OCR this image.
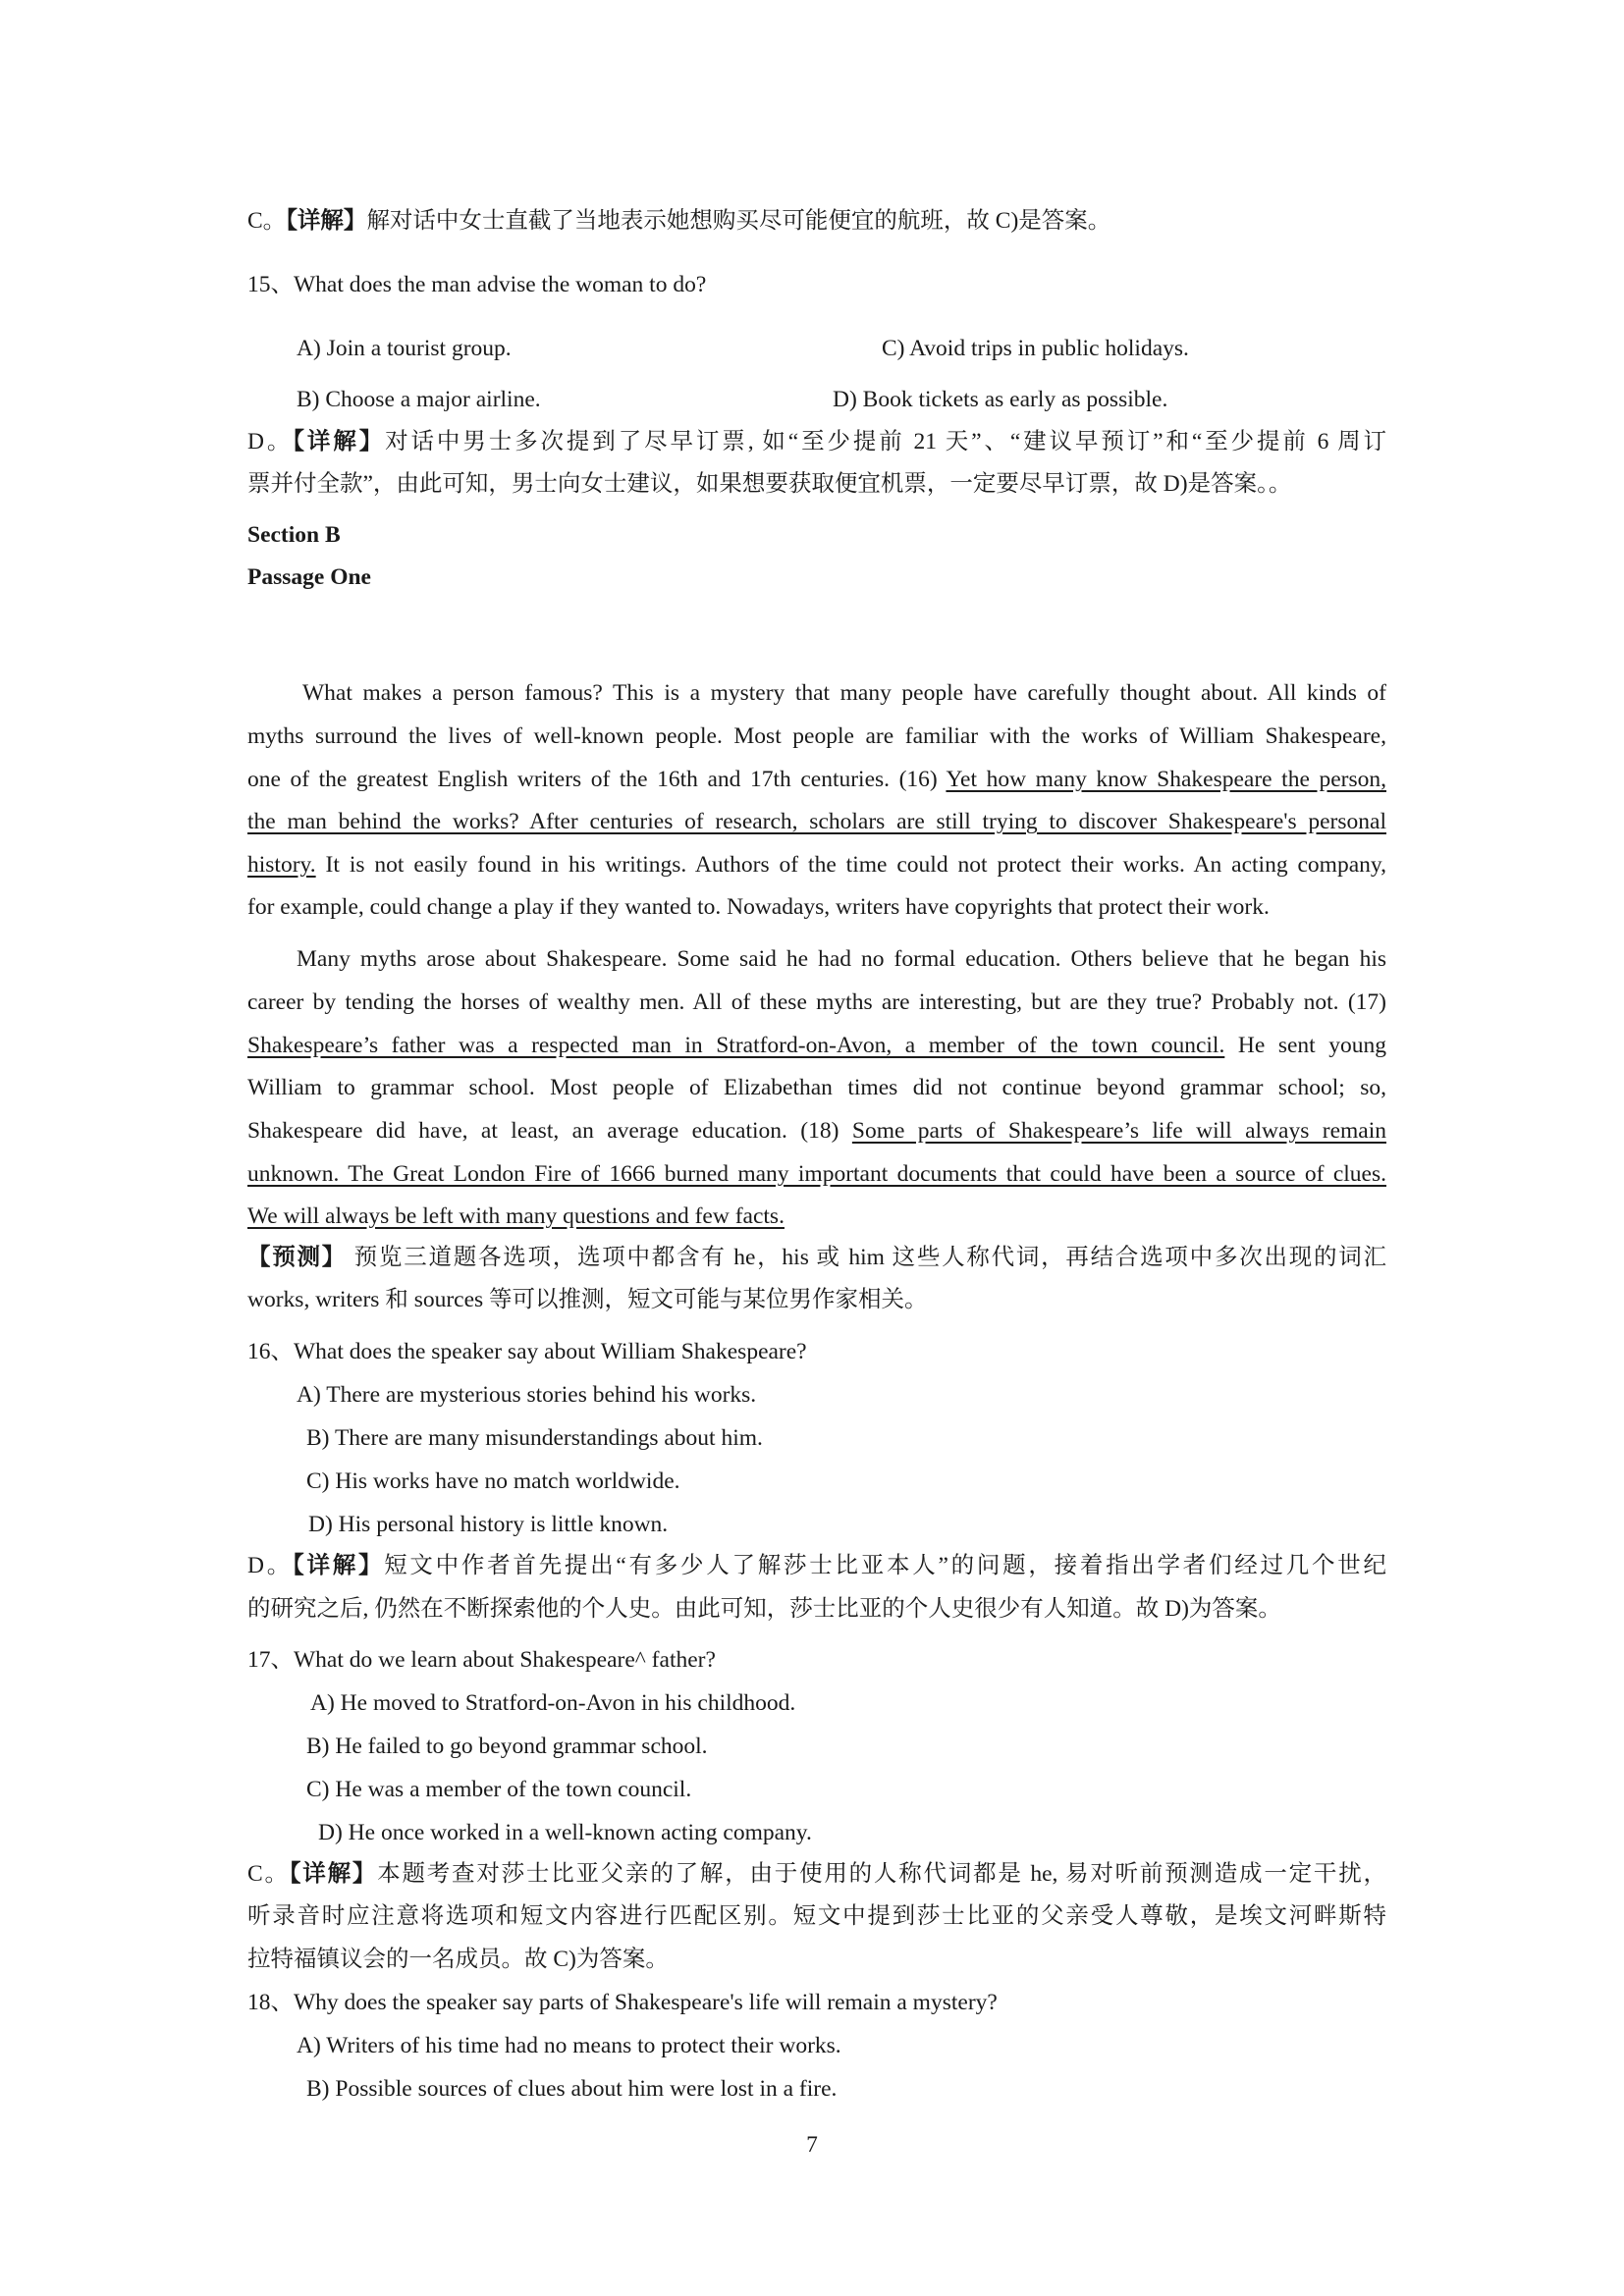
C。【详解】解对话中女士直截了当地表示她想购买尽可能便宜的航班，故 C)是答案。
15、What does the man advise the woman to do?
A) Join a tourist group.	C) Avoid trips in public holidays.
B) Choose a major airline.	D) Book tickets as early as possible.
D。【详解】对话中男士多次提到了尽早订票, 如“至少提前 21 天”、“建议早预订”和“至少提前 6 周订
票并付全款”，由此可知，男士向女士建议，如果想要获取便宜机票，一定要尽早订票，故 D)是答案。。
Section B
Passage One
What makes a person famous? This is a mystery that many people have carefully thought about. All kinds of
myths surround the lives of well-known people. Most people are familiar with the works of William Shakespeare,
one of the greatest English writers of the 16th and 17th centuries. (16) Yet how many know Shakespeare the person,
the man behind the works? After centuries of research, scholars are still trying to discover Shakespeare's personal
history. It is not easily found in his writings. Authors of the time could not protect their works. An acting company,
for example, could change a play if they wanted to. Nowadays, writers have copyrights that protect their work.
Many myths arose about Shakespeare. Some said he had no formal education. Others believe that he began his
career by tending the horses of wealthy men. All of these myths are interesting, but are they true? Probably not. (17)
Shakespeare’s father was a respected man in Stratford-on-Avon, a member of the town council. He sent young
William to grammar school. Most people of Elizabethan times did not continue beyond grammar school; so,
Shakespeare did have, at least, an average education. (18) Some parts of Shakespeare’s life will always remain
unknown. The Great London Fire of 1666 burned many important documents that could have been a source of clues.
We will always be left with many questions and few facts.
【预测】 预览三道题各选项，选项中都含有 he，his 或 him 这些人称代词，再结合选项中多次出现的词汇
works, writers 和 sources 等可以推测，短文可能与某位男作家相关。
16、What does the speaker say about William Shakespeare?
A) There are mysterious stories behind his works.
B) There are many misunderstandings about him.
C) His works have no match worldwide.
D) His personal history is little known.
D。【详解】短文中作者首先提出“有多少人了解莎士比亚本人”的问题，接着指出学者们经过几个世纪
的研究之后, 仍然在不断探索他的个人史。由此可知，莎士比亚的个人史很少有人知道。故 D)为答案。
17、What do we learn about Shakespeare^ father?
A) He moved to Stratford-on-Avon in his childhood.
B) He failed to go beyond grammar school.
C) He was a member of the town council.
D) He once worked in a well-known acting company.
C。【详解】本题考查对莎士比亚父亲的了解，由于使用的人称代词都是 he, 易对听前预测造成一定干扰，
听录音时应注意将选项和短文内容进行匹配区别。短文中提到莎士比亚的父亲受人尊敬，是埃文河畔斯特
拉特福镇议会的一名成员。故 C)为答案。
18、Why does the speaker say parts of Shakespeare's life will remain a mystery?
A) Writers of his time had no means to protect their works.
B) Possible sources of clues about him were lost in a fire.
7
